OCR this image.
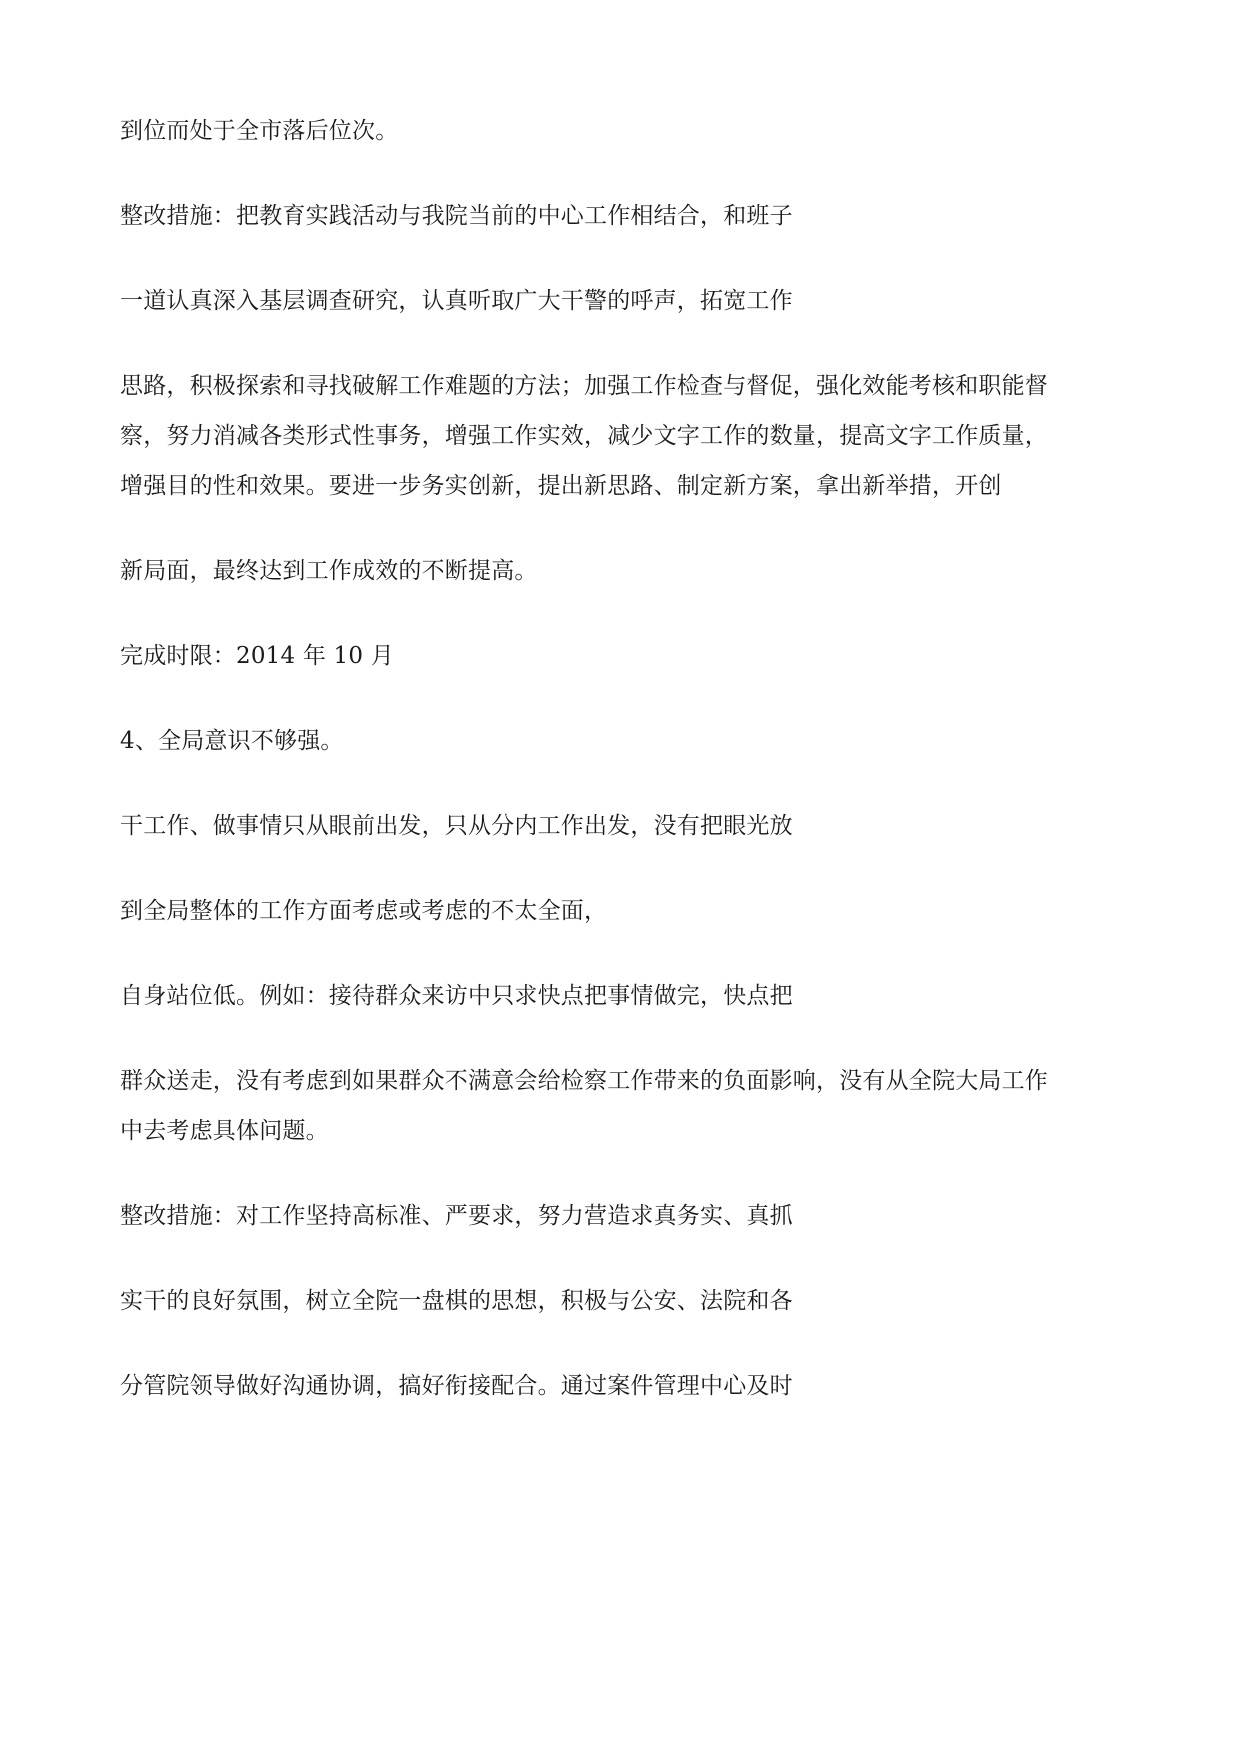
到位而处于全市落后位次。

整改措施：把教育实践活动与我院当前的中心工作相结合，和班子

一道认真深入基层调查研究，认真听取广大干警的呼声，拓宽工作

思路，积极探索和寻找破解工作难题的方法；加强工作检查与督促，强化效能考核和职能督

察，努力消减各类形式性事务，增强工作实效，减少文字工作的数量，提高文字工作质量，

增强目的性和效果。要进一步务实创新，提出新思路、制定新方案，拿出新举措，开创

新局面，最终达到工作成效的不断提高。

完成时限：2014 年 10 月

4、全局意识不够强。

干工作、做事情只从眼前出发，只从分内工作出发，没有把眼光放

到全局整体的工作方面考虑或考虑的不太全面，

自身站位低。例如：接待群众来访中只求快点把事情做完，快点把

群众送走，没有考虑到如果群众不满意会给检察工作带来的负面影响，没有从全院大局工作

中去考虑具体问题。

整改措施：对工作坚持高标准、严要求，努力营造求真务实、真抓

实干的良好氛围，树立全院一盘棋的思想，积极与公安、法院和各

分管院领导做好沟通协调，搞好衔接配合。通过案件管理中心及时
